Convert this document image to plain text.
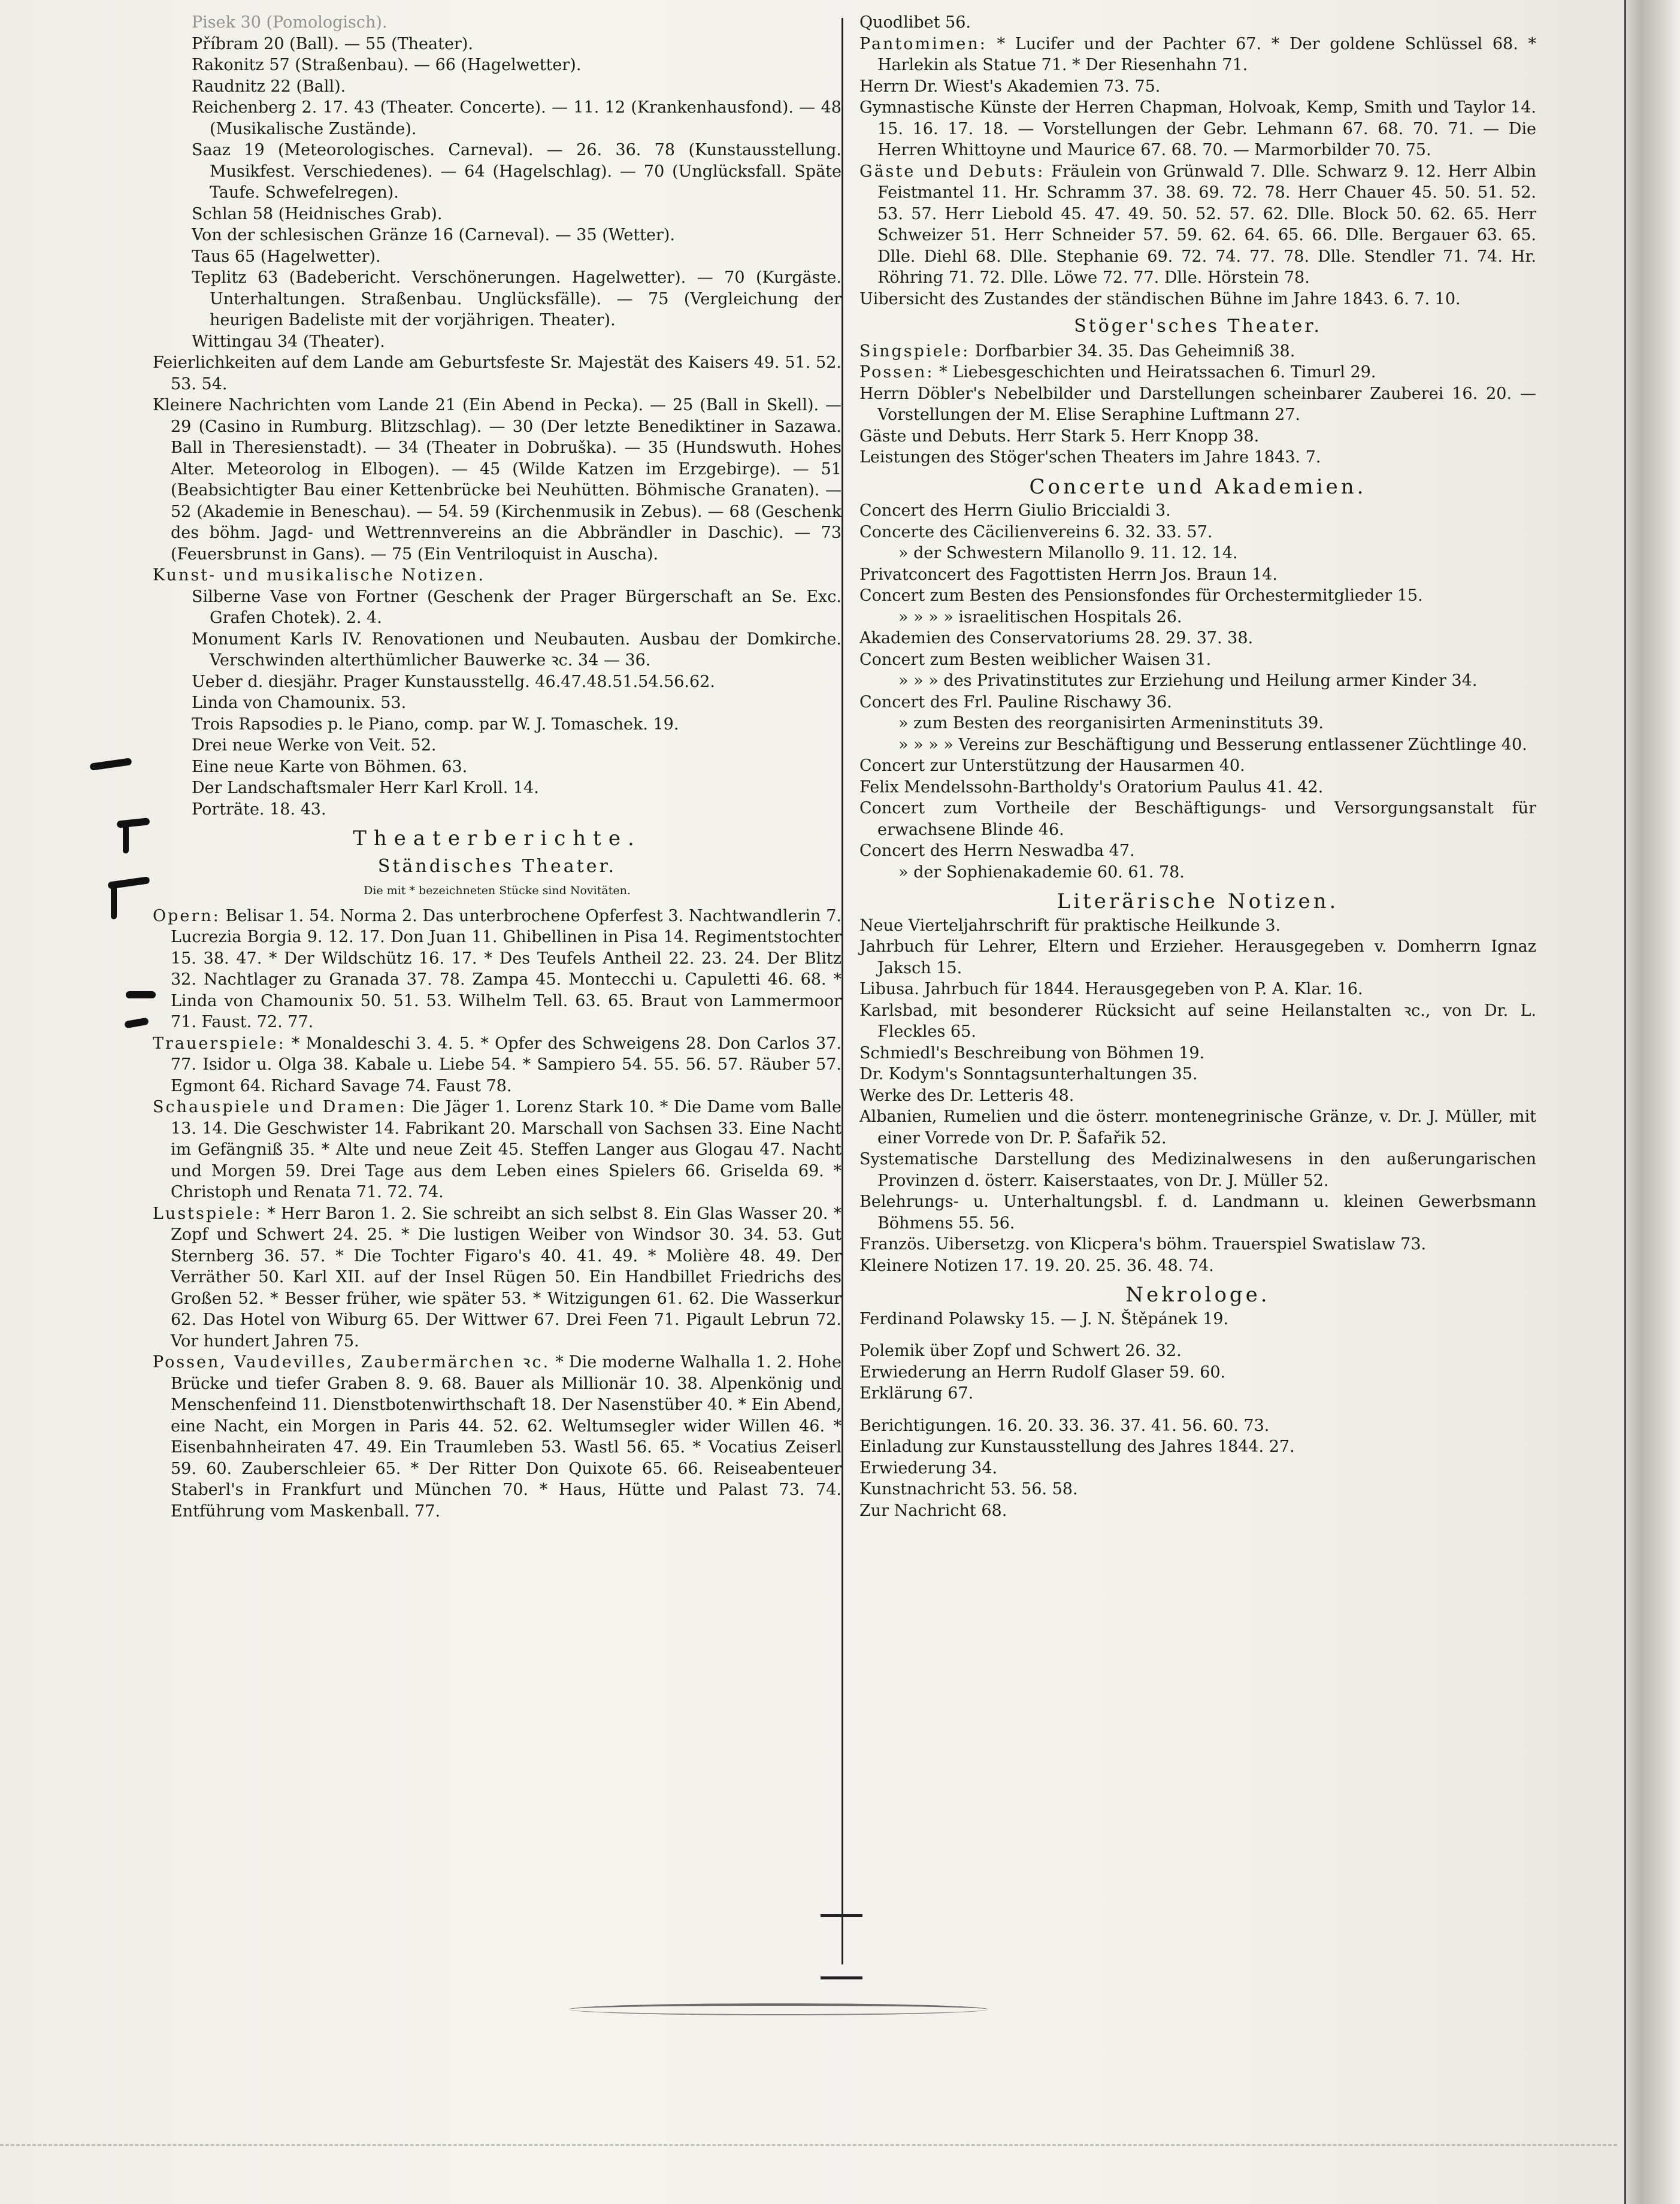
Pisek 30 (Pomologisch).
Příbram 20 (Ball). — 55 (Theater).
Rakonitz 57 (Straßenbau). — 66 (Hagelwetter).
Raudnitz 22 (Ball).
Reichenberg 2. 17. 43 (Theater. Concerte). — 11. 12 (Krankenhausfond). — 48 (Musikalische Zustände).
Saaz 19 (Meteorologisches. Carneval). — 26. 36. 78 (Kunstausstellung. Musikfest. Verschiedenes). — 64 (Hagelschlag). — 70 (Unglücksfall. Späte Taufe. Schwefelregen).
Schlan 58 (Heidnisches Grab).
Von der schlesischen Gränze 16 (Carneval). — 35 (Wetter).
Taus 65 (Hagelwetter).
Teplitz 63 (Badebericht. Verschönerungen. Hagelwetter). — 70 (Kurgäste. Unterhaltungen. Straßenbau. Unglücksfälle). — 75 (Vergleichung der heurigen Badeliste mit der vorjährigen. Theater).
Wittingau 34 (Theater).
Feierlichkeiten auf dem Lande am Geburtsfeste Sr. Majestät des Kaisers 49. 51. 52. 53. 54.
Kleinere Nachrichten vom Lande 21 (Ein Abend in Pecka). — 25 (Ball in Skell). — 29 (Casino in Rumburg. Blitzschlag). — 30 (Der letzte Benediktiner in Sazawa. Ball in Theresienstadt). — 34 (Theater in Dobruška). — 35 (Hundswuth. Hohes Alter. Meteorolog in Elbogen). — 45 (Wilde Katzen im Erzgebirge). — 51 (Beabsichtigter Bau einer Kettenbrücke bei Neuhütten. Böhmische Granaten). — 52 (Akademie in Beneschau). — 54. 59 (Kirchenmusik in Zebus). — 68 (Geschenk des böhm. Jagd- und Wettrennvereins an die Abbrändler in Daschic). — 73 (Feuersbrunst in Gans). — 75 (Ein Ventriloquist in Auscha).
Kunst- und musikalische Notizen.
Silberne Vase von Fortner (Geschenk der Prager Bürgerschaft an Se. Exc. Grafen Chotek). 2. 4.
Monument Karls IV. Renovationen und Neubauten. Ausbau der Domkirche. Verschwinden alterthümlicher Bauwerke ꝛc. 34 — 36.
Ueber d. diesjähr. Prager Kunstausstellg. 46.47.48.51.54.56.62.
Linda von Chamounix. 53.
Trois Rapsodies p. le Piano, comp. par W. J. Tomaschek. 19.
Drei neue Werke von Veit. 52.
Eine neue Karte von Böhmen. 63.
Der Landschaftsmaler Herr Karl Kroll. 14.
Porträte. 18. 43.
Theaterberichte.
Ständisches Theater.
Die mit * bezeichneten Stücke sind Novitäten.
Opern: Belisar 1. 54. Norma 2. Das unterbrochene Opferfest 3. Nachtwandlerin 7. Lucrezia Borgia 9. 12. 17. Don Juan 11. Ghibellinen in Pisa 14. Regimentstochter 15. 38. 47. * Der Wildschütz 16. 17. * Des Teufels Antheil 22. 23. 24. Der Blitz 32. Nachtlager zu Granada 37. 78. Zampa 45. Montecchi u. Capuletti 46. 68. * Linda von Chamounix 50. 51. 53. Wilhelm Tell. 63. 65. Braut von Lammermoor 71. Faust. 72. 77.
Trauerspiele: * Monaldeschi 3. 4. 5. * Opfer des Schweigens 28. Don Carlos 37. 77. Isidor u. Olga 38. Kabale u. Liebe 54. * Sampiero 54. 55. 56. 57. Räuber 57. Egmont 64. Richard Savage 74. Faust 78.
Schauspiele und Dramen: Die Jäger 1. Lorenz Stark 10. * Die Dame vom Balle 13. 14. Die Geschwister 14. Fabrikant 20. Marschall von Sachsen 33. Eine Nacht im Gefängniß 35. * Alte und neue Zeit 45. Steffen Langer aus Glogau 47. Nacht und Morgen 59. Drei Tage aus dem Leben eines Spielers 66. Griselda 69. * Christoph und Renata 71. 72. 74.
Lustspiele: * Herr Baron 1. 2. Sie schreibt an sich selbst 8. Ein Glas Wasser 20. * Zopf und Schwert 24. 25. * Die lustigen Weiber von Windsor 30. 34. 53. Gut Sternberg 36. 57. * Die Tochter Figaro's 40. 41. 49. * Molière 48. 49. Der Verräther 50. Karl XII. auf der Insel Rügen 50. Ein Handbillet Friedrichs des Großen 52. * Besser früher, wie später 53. * Witzigungen 61. 62. Die Wasserkur 62. Das Hotel von Wiburg 65. Der Wittwer 67. Drei Feen 71. Pigault Lebrun 72. Vor hundert Jahren 75.
Possen, Vaudevilles, Zaubermärchen ꝛc. * Die moderne Walhalla 1. 2. Hohe Brücke und tiefer Graben 8. 9. 68. Bauer als Millionär 10. 38. Alpenkönig und Menschenfeind 11. Dienstbotenwirthschaft 18. Der Nasenstüber 40. * Ein Abend, eine Nacht, ein Morgen in Paris 44. 52. 62. Weltumsegler wider Willen 46. * Eisenbahnheiraten 47. 49. Ein Traumleben 53. Wastl 56. 65. * Vocatius Zeiserl 59. 60. Zauberschleier 65. * Der Ritter Don Quixote 65. 66. Reiseabenteuer Staberl's in Frankfurt und München 70. * Haus, Hütte und Palast 73. 74. Entführung vom Maskenball. 77.
Quodlibet 56.
Pantomimen: * Lucifer und der Pachter 67. * Der goldene Schlüssel 68. * Harlekin als Statue 71. * Der Riesenhahn 71.
Herrn Dr. Wiest's Akademien 73. 75.
Gymnastische Künste der Herren Chapman, Holvoak, Kemp, Smith und Taylor 14. 15. 16. 17. 18. — Vorstellungen der Gebr. Lehmann 67. 68. 70. 71. — Die Herren Whittoyne und Maurice 67. 68. 70. — Marmorbilder 70. 75.
Gäste und Debuts: Fräulein von Grünwald 7. Dlle. Schwarz 9. 12. Herr Albin Feistmantel 11. Hr. Schramm 37. 38. 69. 72. 78. Herr Chauer 45. 50. 51. 52. 53. 57. Herr Liebold 45. 47. 49. 50. 52. 57. 62. Dlle. Block 50. 62. 65. Herr Schweizer 51. Herr Schneider 57. 59. 62. 64. 65. 66. Dlle. Bergauer 63. 65. Dlle. Diehl 68. Dlle. Stephanie 69. 72. 74. 77. 78. Dlle. Stendler 71. 74. Hr. Röhring 71. 72. Dlle. Löwe 72. 77. Dlle. Hörstein 78.
Uibersicht des Zustandes der ständischen Bühne im Jahre 1843. 6. 7. 10.
Stöger'sches Theater.
Singspiele: Dorfbarbier 34. 35. Das Geheimniß 38.
Possen: * Liebesgeschichten und Heiratssachen 6. Timurl 29.
Herrn Döbler's Nebelbilder und Darstellungen scheinbarer Zauberei 16. 20. — Vorstellungen der M. Elise Seraphine Luftmann 27.
Gäste und Debuts. Herr Stark 5. Herr Knopp 38.
Leistungen des Stöger'schen Theaters im Jahre 1843. 7.
Concerte und Akademien.
Concert des Herrn Giulio Briccialdi 3.
Concerte des Cäcilienvereins 6. 32. 33. 57.
» der Schwestern Milanollo 9. 11. 12. 14.
Privatconcert des Fagottisten Herrn Jos. Braun 14.
Concert zum Besten des Pensionsfondes für Orchestermitglieder 15.
» » » » israelitischen Hospitals 26.
Akademien des Conservatoriums 28. 29. 37. 38.
Concert zum Besten weiblicher Waisen 31.
» » » des Privatinstitutes zur Erziehung und Heilung armer Kinder 34.
Concert des Frl. Pauline Rischawy 36.
» zum Besten des reorganisirten Armeninstituts 39.
» » » » Vereins zur Beschäftigung und Besserung entlassener Züchtlinge 40.
Concert zur Unterstützung der Hausarmen 40.
Felix Mendelssohn-Bartholdy's Oratorium Paulus 41. 42.
Concert zum Vortheile der Beschäftigungs- und Versorgungsanstalt für erwachsene Blinde 46.
Concert des Herrn Neswadba 47.
» der Sophienakademie 60. 61. 78.
Literärische Notizen.
Neue Vierteljahrschrift für praktische Heilkunde 3.
Jahrbuch für Lehrer, Eltern und Erzieher. Herausgegeben v. Domherrn Ignaz Jaksch 15.
Libusa. Jahrbuch für 1844. Herausgegeben von P. A. Klar. 16.
Karlsbad, mit besonderer Rücksicht auf seine Heilanstalten ꝛc., von Dr. L. Fleckles 65.
Schmiedl's Beschreibung von Böhmen 19.
Dr. Kodym's Sonntagsunterhaltungen 35.
Werke des Dr. Letteris 48.
Albanien, Rumelien und die österr. montenegrinische Gränze, v. Dr. J. Müller, mit einer Vorrede von Dr. P. Šafařik 52.
Systematische Darstellung des Medizinalwesens in den außerungarischen Provinzen d. österr. Kaiserstaates, von Dr. J. Müller 52.
Belehrungs- u. Unterhaltungsbl. f. d. Landmann u. kleinen Gewerbsmann Böhmens 55. 56.
Französ. Uibersetzg. von Klicpera's böhm. Trauerspiel Swatislaw 73.
Kleinere Notizen 17. 19. 20. 25. 36. 48. 74.
Nekrologe.
Ferdinand Polawsky 15. — J. N. Štěpánek 19.
Polemik über Zopf und Schwert 26. 32.
Erwiederung an Herrn Rudolf Glaser 59. 60.
Erklärung 67.
Berichtigungen. 16. 20. 33. 36. 37. 41. 56. 60. 73.
Einladung zur Kunstausstellung des Jahres 1844. 27.
Erwiederung 34.
Kunstnachricht 53. 56. 58.
Zur Nachricht 68.
